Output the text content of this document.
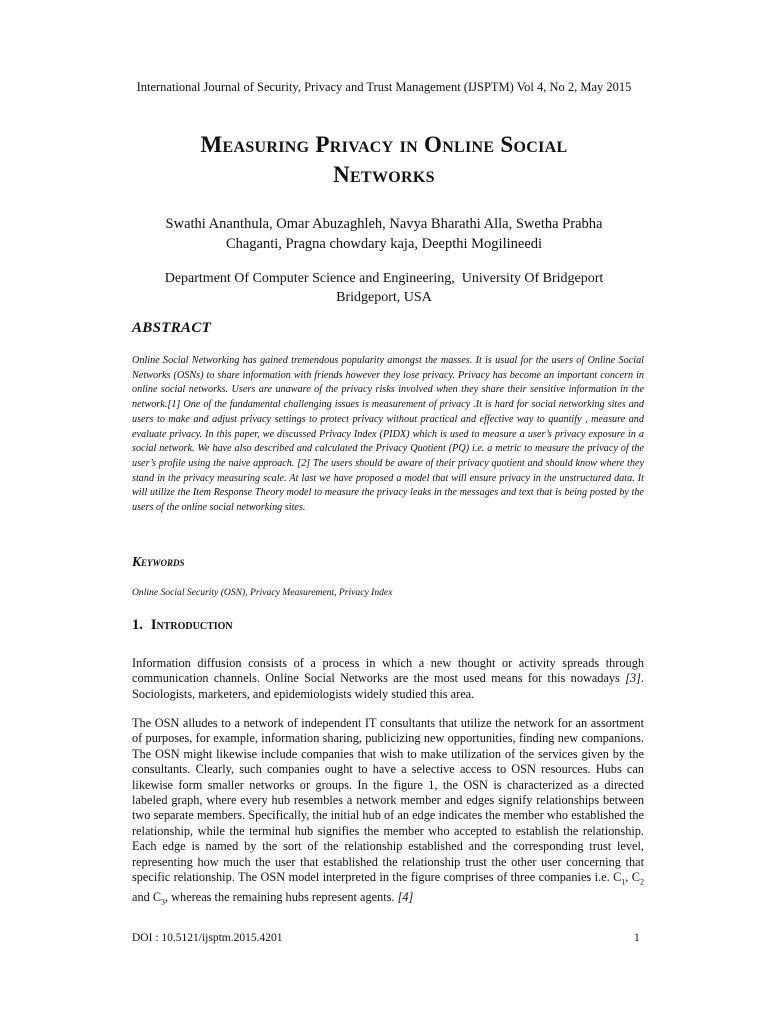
International Journal of Security, Privacy and Trust Management (IJSPTM) Vol 4, No 2, May 2015
Measuring Privacy in Online Social
Networks
Swathi Ananthula, Omar Abuzaghleh, Navya Bharathi Alla, Swetha Prabha
Chaganti, Pragna chowdary kaja, Deepthi Mogilineedi
Department Of Computer Science and Engineering,  University Of Bridgeport
Bridgeport, USA
ABSTRACT
Online Social Networking has gained tremendous popularity amongst the masses. It is usual for the users of Online Social Networks (OSNs) to share information with friends however they lose privacy. Privacy has become an important concern in online social networks. Users are unaware of the privacy risks involved when they share their sensitive information in the network.[1] One of the fundamental challenging issues is measurement of privacy .It is hard for social networking sites and users to make and adjust privacy settings to protect privacy without practical and effective way to quantify , measure and evaluate privacy. In this paper, we discussed Privacy Index (PIDX) which is used to measure a user’s privacy exposure in a social network. We have also described and calculated the Privacy Quotient (PQ) i.e. a metric to measure the privacy of the user’s profile using the naive approach. [2] The users should be aware of their privacy quotient and should know where they stand in the privacy measuring scale. At last we have proposed a model that will ensure privacy in the unstructured data. It will utilize the Item Response Theory model to measure the privacy leaks in the messages and text that is being posted by the users of the online social networking sites.
Keywords
Online Social Security (OSN), Privacy Measurement, Privacy Index
1. Introduction
Information diffusion consists of a process in which a new thought or activity spreads through communication channels. Online Social Networks are the most used means for this nowadays [3]. Sociologists, marketers, and epidemiologists widely studied this area.
The OSN alludes to a network of independent IT consultants that utilize the network for an assortment of purposes, for example, information sharing, publicizing new opportunities, finding new companions. The OSN might likewise include companies that wish to make utilization of the services given by the consultants. Clearly, such companies ought to have a selective access to OSN resources. Hubs can likewise form smaller networks or groups. In the figure 1, the OSN is characterized as a directed labeled graph, where every hub resembles a network member and edges signify relationships between two separate members. Specifically, the initial hub of an edge indicates the member who established the relationship, while the terminal hub signifies the member who accepted to establish the relationship. Each edge is named by the sort of the relationship established and the corresponding trust level, representing how much the user that established the relationship trust the other user concerning that specific relationship. The OSN model interpreted in the figure comprises of three companies i.e. $C_1$, $C_2$ and $C_3$, whereas the remaining hubs represent agents. [4]
DOI : 10.5121/ijsptm.2015.4201	1
